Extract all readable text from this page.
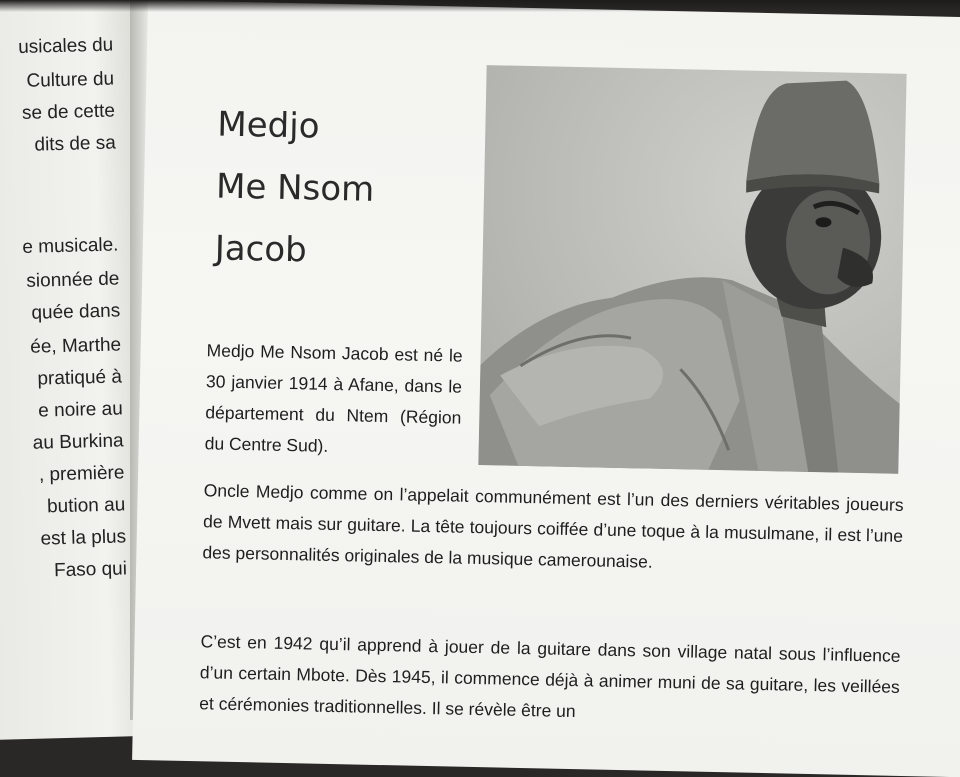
usicales du
Culture du
se de cette
dits de sa
e musicale.
sionnée de
quée dans
ée, Marthe
pratiqué à
e noire au
au Burkina
, première
bution au
est la plus
Faso qui
Medjo
Me Nsom
Jacob

Medjo Me Nsom Jacob est né le 30 janvier 1914 à Afane, dans le département du Ntem (Région du Centre Sud).

Oncle Medjo comme on l’appelait communément est l’un des derniers véritables joueurs de Mvett mais sur guitare. La tête toujours coiffée d’une toque à la musulmane, il est l’une des personnalités originales de la musique camerounaise.

C’est en 1942 qu’il apprend à jouer de la guitare dans son village natal sous l’influence d’un certain Mbote. Dès 1945, il commence déjà à animer muni de sa guitare, les veillées et cérémonies traditionnelles. Il se révèle être un
